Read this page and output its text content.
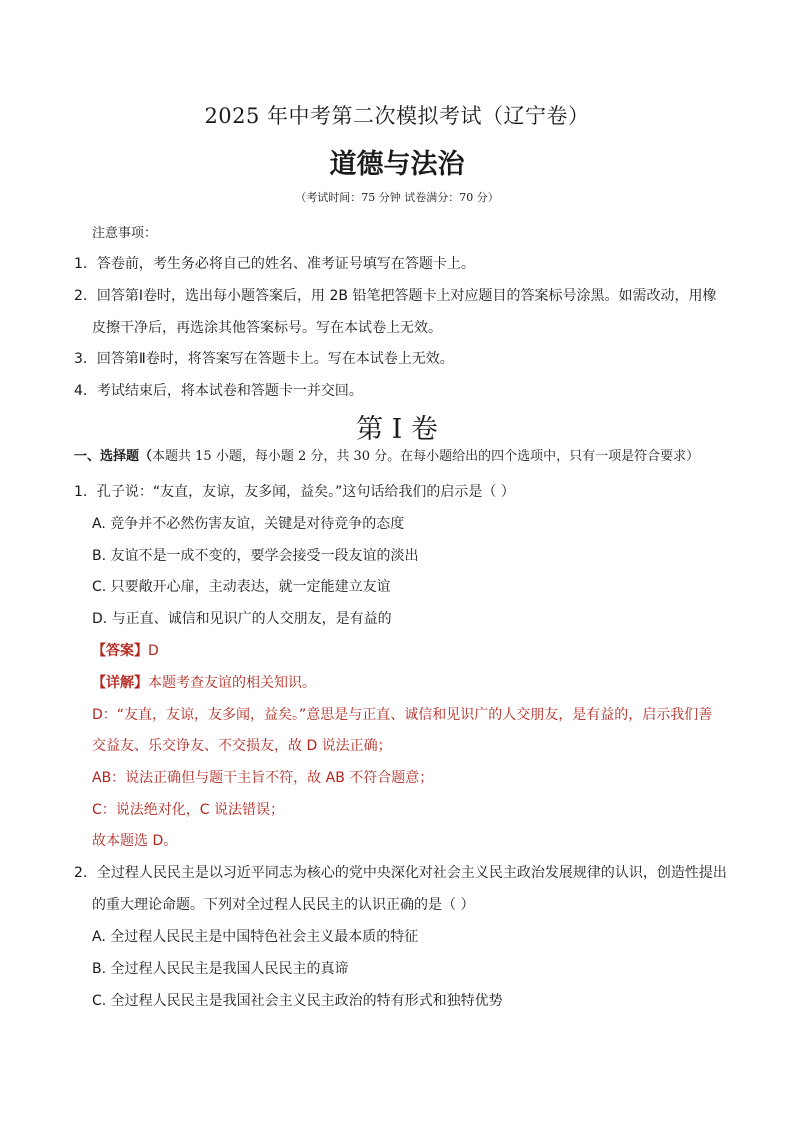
2025 年中考第二次模拟考试（辽宁卷）
道德与法治
（考试时间：75 分钟 试卷满分：70 分）
注意事项：
1．答卷前，考生务必将自己的姓名、准考证号填写在答题卡上。
2．回答第Ⅰ卷时，选出每小题答案后，用 2B 铅笔把答题卡上对应题目的答案标号涂黑。如需改动，用橡
皮擦干净后，再选涂其他答案标号。写在本试卷上无效。
3．回答第Ⅱ卷时，将答案写在答题卡上。写在本试卷上无效。
4．考试结束后，将本试卷和答题卡一并交回。
第 I 卷
一、选择题（本题共 15 小题，每小题 2 分，共 30 分。在每小题给出的四个选项中，只有一项是符合要求）
1．孔子说：“友直，友谅，友多闻，益矣。”这句话给我们的启示是（ ）
A. 竞争并不必然伤害友谊，关键是对待竞争的态度
B. 友谊不是一成不变的，要学会接受一段友谊的淡出
C. 只要敞开心扉，主动表达，就一定能建立友谊
D. 与正直、诚信和见识广的人交朋友，是有益的
【答案】D
【详解】本题考查友谊的相关知识。
D：“友直，友谅，友多闻，益矣。”意思是与正直、诚信和见识广的人交朋友，是有益的，启示我们善
交益友、乐交诤友、不交损友，故 D 说法正确；
AB：说法正确但与题干主旨不符，故 AB 不符合题意；
C：说法绝对化，C 说法错误；
故本题选 D。
2．全过程人民民主是以习近平同志为核心的党中央深化对社会主义民主政治发展规律的认识，创造性提出
的重大理论命题。下列对全过程人民民主的认识正确的是（ ）
A. 全过程人民民主是中国特色社会主义最本质的特征
B. 全过程人民民主是我国人民民主的真谛
C. 全过程人民民主是我国社会主义民主政治的特有形式和独特优势
